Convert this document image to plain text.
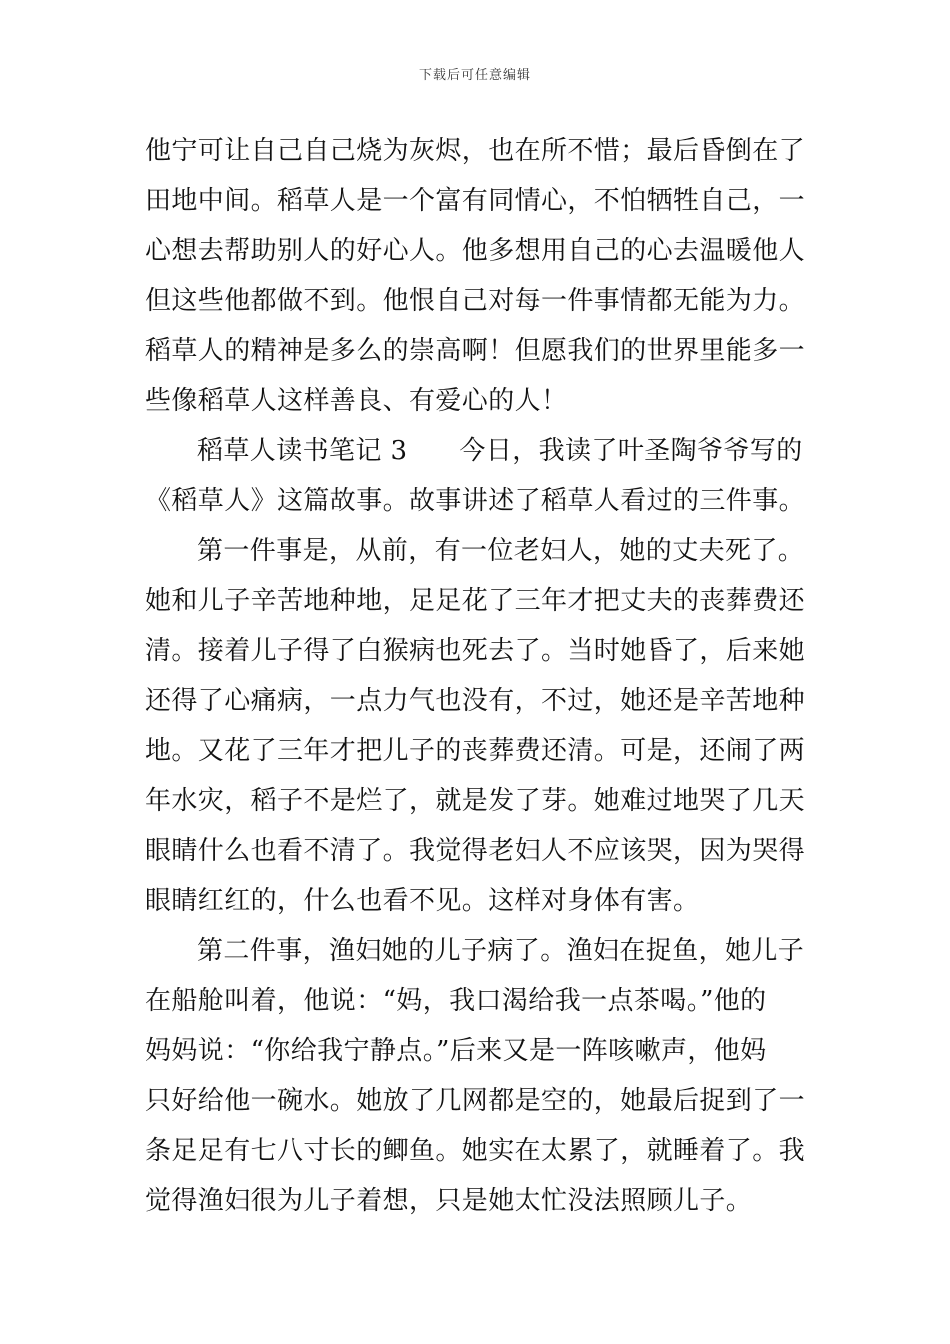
下载后可任意编辑
他宁可让自己自己烧为灰烬，也在所不惜；最后昏倒在了
田地中间。稻草人是一个富有同情心，不怕牺牲自己，一
心想去帮助别人的好心人。他多想用自己的心去温暖他人
但这些他都做不到。他恨自己对每一件事情都无能为力。
稻草人的精神是多么的崇高啊！但愿我们的世界里能多一
些像稻草人这样善良、有爱心的人！
稻草人读书笔记 3 今日，我读了叶圣陶爷爷写的
《稻草人》这篇故事。故事讲述了稻草人看过的三件事。
第一件事是，从前，有一位老妇人，她的丈夫死了。
她和儿子辛苦地种地，足足花了三年才把丈夫的丧葬费还
清。接着儿子得了白猴病也死去了。当时她昏了，后来她
还得了心痛病，一点力气也没有，不过，她还是辛苦地种
地。又花了三年才把儿子的丧葬费还清。可是，还闹了两
年水灾，稻子不是烂了，就是发了芽。她难过地哭了几天
眼睛什么也看不清了。我觉得老妇人不应该哭，因为哭得
眼睛红红的，什么也看不见。这样对身体有害。
第二件事，渔妇她的儿子病了。渔妇在捉鱼，她儿子
在船舱叫着，他说：“妈，我口渴给我一点茶喝。”他的
妈妈说：“你给我宁静点。”后来又是一阵咳嗽声，他妈
只好给他一碗水。她放了几网都是空的，她最后捉到了一
条足足有七八寸长的鲫鱼。她实在太累了，就睡着了。我
觉得渔妇很为儿子着想，只是她太忙没法照顾儿子。
